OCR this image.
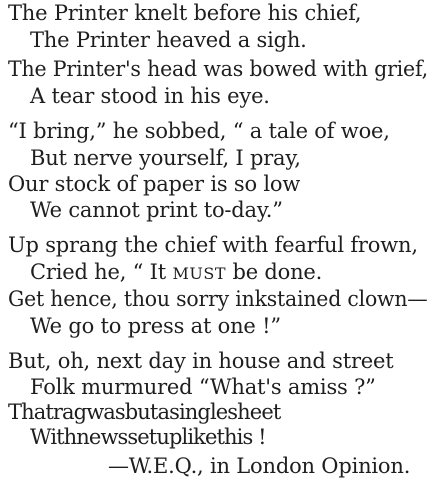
The Printer knelt before his chief,
The Printer heaved a sigh.
The Printer's head was bowed with grief,
A tear stood in his eye.
“I bring,” he sobbed, “ a tale of woe,
But nerve yourself, I pray,
Our stock of paper is so low
We cannot print to-day.”
Up sprang the chief with fearful frown,
Cried he, “ It MUST be done.
Get hence, thou sorry inkstained clown—
We go to press at one !”
But, oh, next day in house and street
Folk murmured “What's amiss ?”
Thatragwasbutasinglesheet
Withnewssetuplikethis !
—W.E.Q., in London Opinion.
